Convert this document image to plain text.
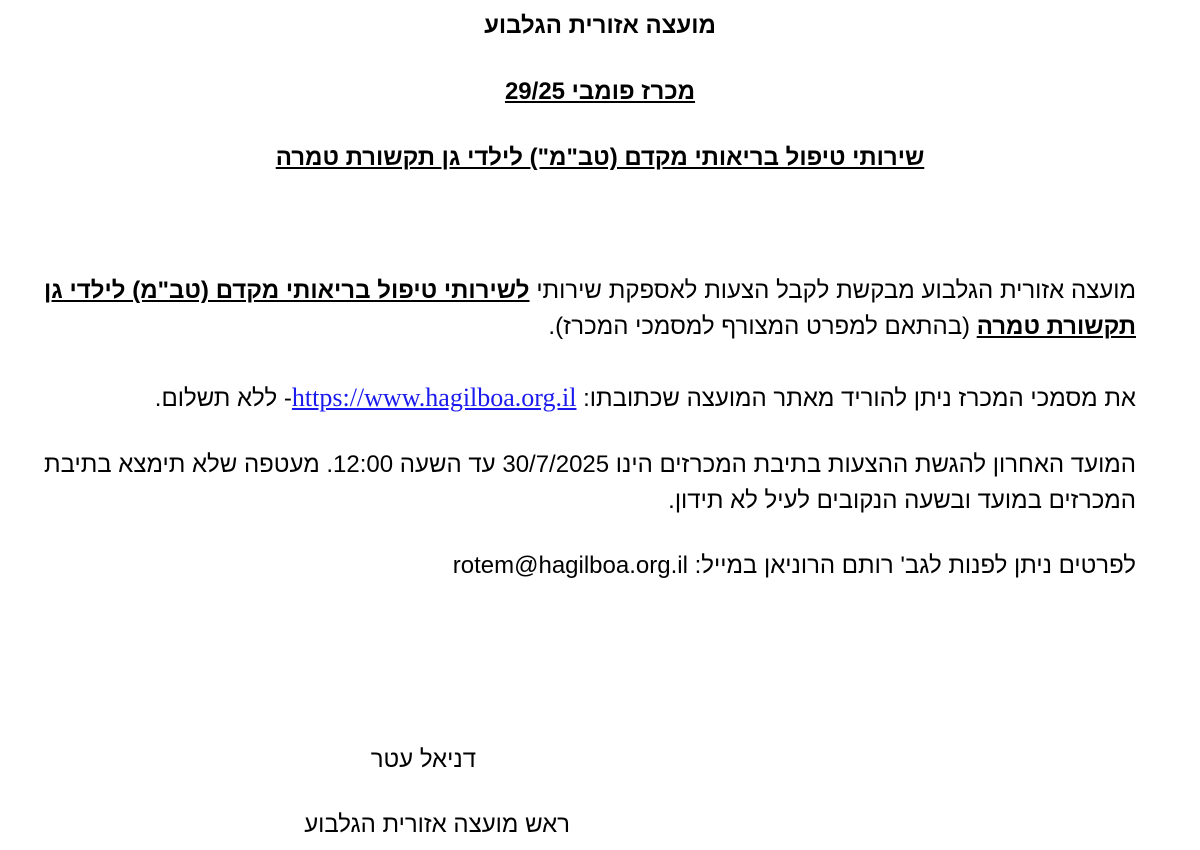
מועצה אזורית הגלבוע
מכרז פומבי 29/25
שירותי טיפול בריאותי מקדם (טב"מ") לילדי גן תקשורת טמרה

מועצה אזורית הגלבוע מבקשת לקבל הצעות לאספקת שירותי לשירותי טיפול בריאותי מקדם (טב"מ) לילדי גן תקשורת טמרה (בהתאם למפרט המצורף למסמכי המכרז).

את מסמכי המכרז ניתן להוריד מאתר המועצה שכתובתו: https://www.hagilboa.org.il- ללא תשלום.

המועד האחרון להגשת ההצעות בתיבת המכרזים הינו 30/7/2025 עד השעה 12:00. מעטפה שלא תימצא בתיבת המכרזים במועד ובשעה הנקובים לעיל לא תידון.

לפרטים ניתן לפנות לגב' רותם הרוניאן במייל: rotem@hagilboa.org.il

דניאל עטר
ראש מועצה אזורית הגלבוע
